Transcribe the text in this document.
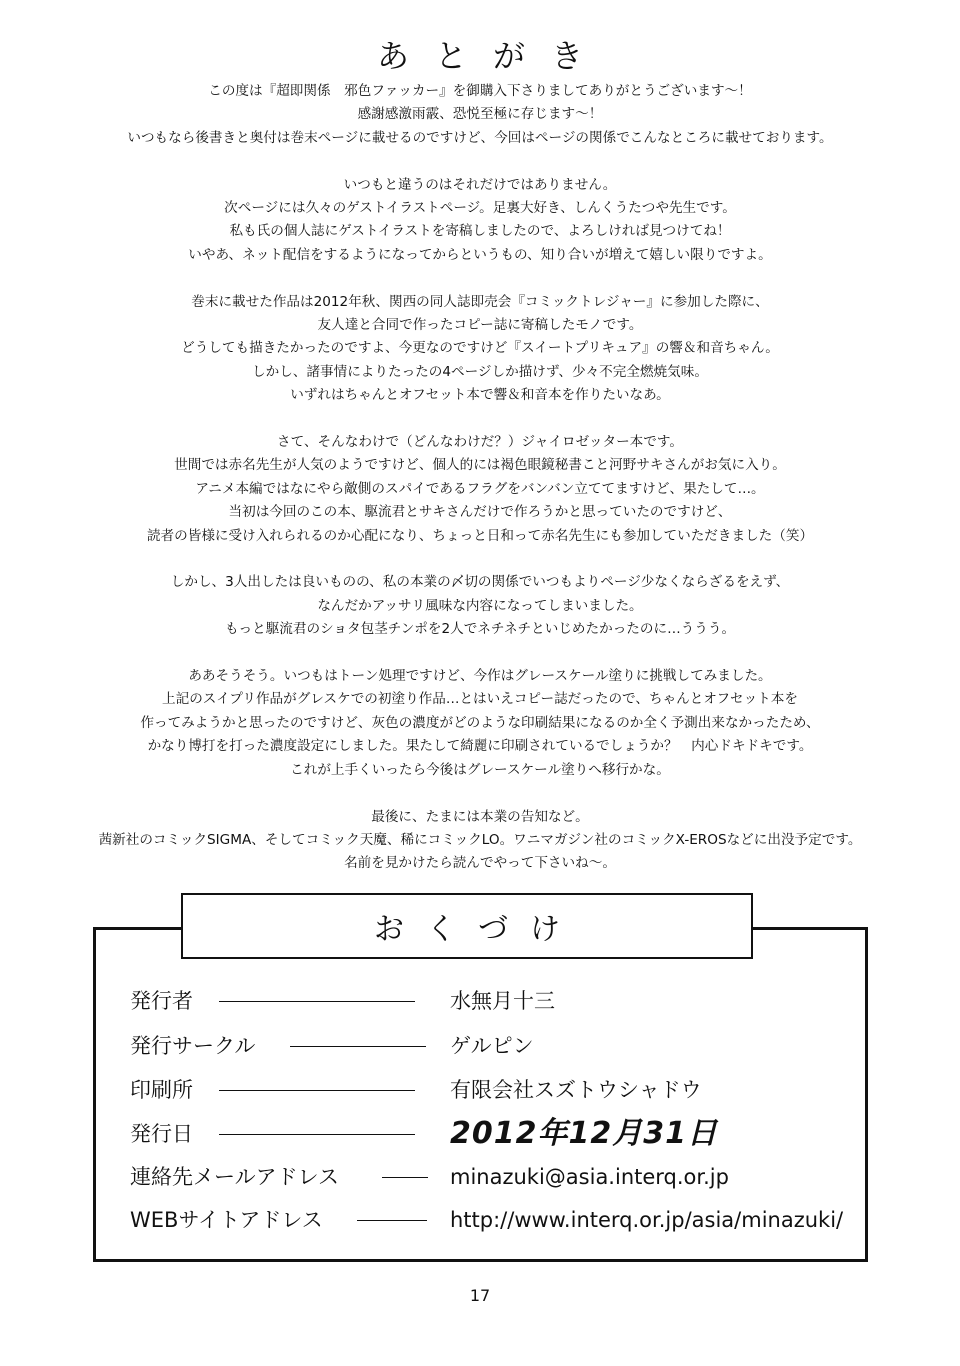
あとがき

この度は『超即関係　邪色ファッカー』を御購入下さりましてありがとうございます～！

感謝感激雨霰、恐悦至極に存じます～！

いつもなら後書きと奥付は巻末ページに載せるのですけど、今回はページの関係でこんなところに載せております。

いつもと違うのはそれだけではありません。

次ページには久々のゲストイラストページ。足裏大好き、しんくうたつや先生です。

私も氏の個人誌にゲストイラストを寄稿しましたので、よろしければ見つけてね！

いやあ、ネット配信をするようになってからというもの、知り合いが増えて嬉しい限りですよ。

巻末に載せた作品は2012年秋、関西の同人誌即売会『コミックトレジャー』に参加した際に、

友人達と合同で作ったコピー誌に寄稿したモノです。

どうしても描きたかったのですよ、今更なのですけど『スイートプリキュア』の響＆和音ちゃん。

しかし、諸事情によりたったの4ページしか描けず、少々不完全燃焼気味。

いずれはちゃんとオフセット本で響＆和音本を作りたいなあ。

さて、そんなわけで（どんなわけだ？）ジャイロゼッター本です。

世間では赤名先生が人気のようですけど、個人的には褐色眼鏡秘書こと河野サキさんがお気に入り。

アニメ本編ではなにやら敵側のスパイであるフラグをバンバン立ててますけど、果たして…。

当初は今回のこの本、駆流君とサキさんだけで作ろうかと思っていたのですけど、

読者の皆様に受け入れられるのか心配になり、ちょっと日和って赤名先生にも参加していただきました（笑）

しかし、3人出したは良いものの、私の本業の〆切の関係でいつもよりページ少なくならざるをえず、

なんだかアッサリ風味な内容になってしまいました。

もっと駆流君のショタ包茎チンポを2人でネチネチといじめたかったのに…ううう。

ああそうそう。いつもはトーン処理ですけど、今作はグレースケール塗りに挑戦してみました。

上記のスイプリ作品がグレスケでの初塗り作品…とはいえコピー誌だったので、ちゃんとオフセット本を

作ってみようかと思ったのですけど、灰色の濃度がどのような印刷結果になるのか全く予測出来なかったため、

かなり博打を打った濃度設定にしました。果たして綺麗に印刷されているでしょうか？　内心ドキドキです。

これが上手くいったら今後はグレースケール塗りへ移行かな。

最後に、たまには本業の告知など。

茜新社のコミックSIGMA、そしてコミック天魔、稀にコミックLO。ワニマガジン社のコミックX-EROSなどに出没予定です。

名前を見かけたら読んでやって下さいね～。

おくづけ
発行者	水無月十三
発行サークル	ゲルピン
印刷所	有限会社スズトウシャドウ
発行日	2012年12月31日
連絡先メールアドレス	minazuki@asia.interq.or.jp
WEBサイトアドレス	http://www.interq.or.jp/asia/minazuki/
17
